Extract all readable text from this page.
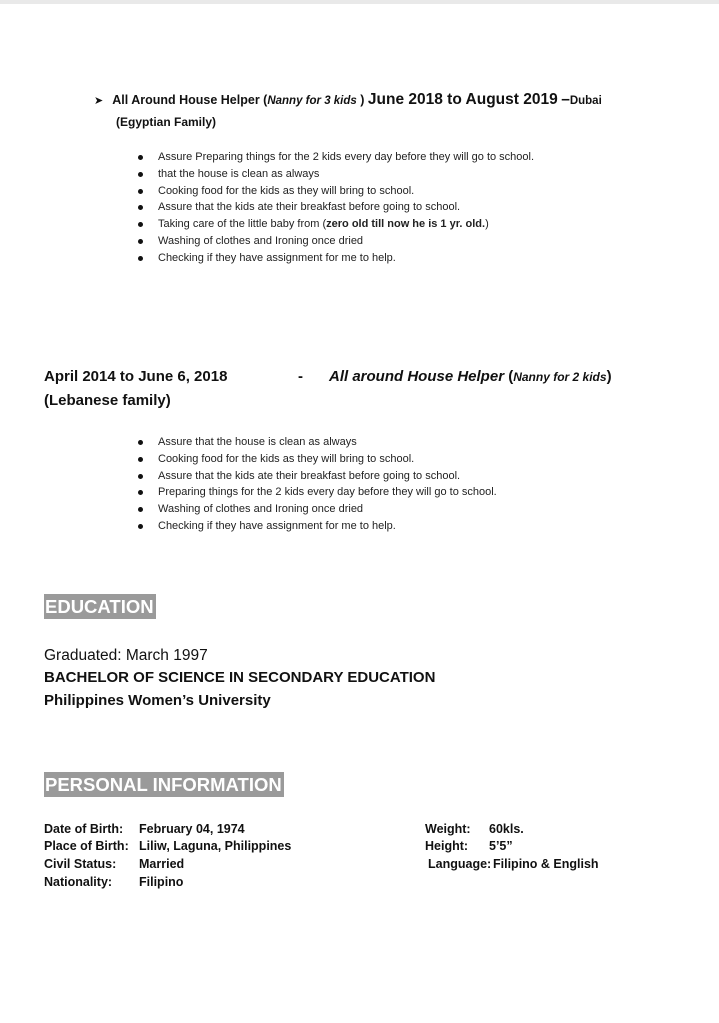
➤ All Around House Helper (Nanny for 3 kids ) June 2018 to August 2019 –Dubai
(Egyptian Family)
Assure Preparing things for the 2 kids every day before they will go to school.
that the house is clean as always
Cooking food for the kids as they will bring to school.
Assure that the kids ate their breakfast before going to school.
Taking care of the little baby from (zero old till now he is 1 yr. old.)
Washing of clothes and Ironing once dried
Checking if they have assignment for me to help.
April 2014 to June 6, 2018	- All around House Helper (Nanny for 2 kids)
(Lebanese family)
Assure that the house is clean as always
Cooking food for the kids as they will bring to school.
Assure that the kids ate their breakfast before going to school.
Preparing things for the 2 kids every day before they will go to school.
Washing of clothes and Ironing once dried
Checking if they have assignment for me to help.
EDUCATION
Graduated: March 1997
BACHELOR OF SCIENCE IN SECONDARY EDUCATION
Philippines Women’s University
PERSONAL INFORMATION
Date of Birth: February 04, 1974
Place of Birth: Liliw, Laguna, Philippines
Civil Status: Married
Nationality: Filipino
Weight: 60kls.
Height: 5’5”
Language: Filipino & English
